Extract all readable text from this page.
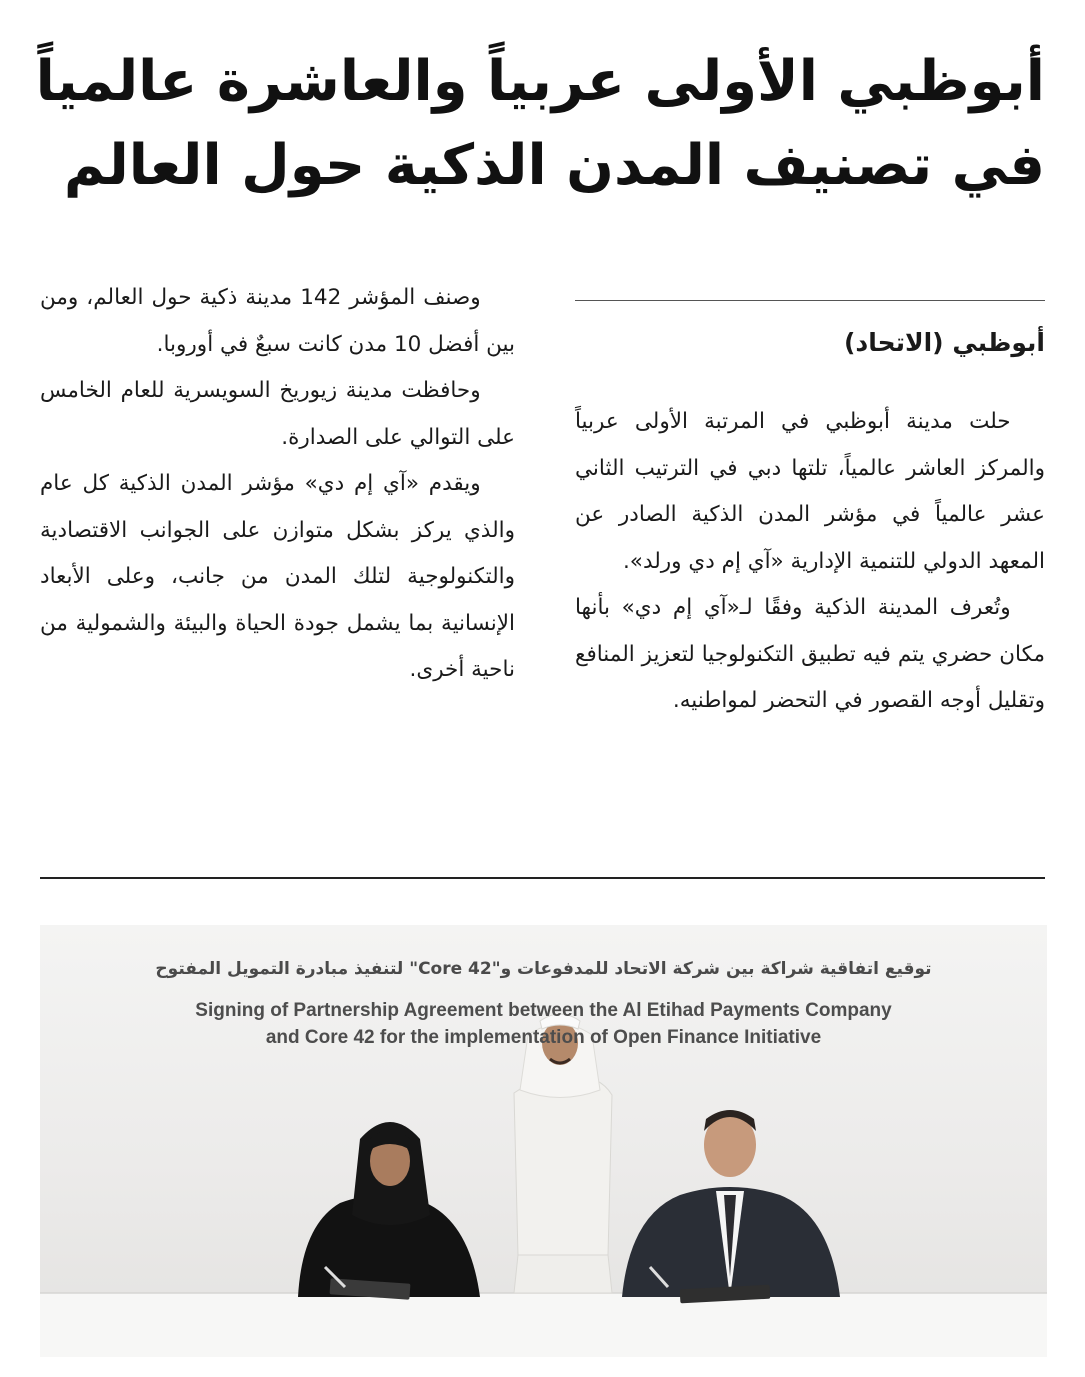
أبوظبي الأولى عربياً والعاشرة عالمياً
في تصنيف المدن الذكية حول العالم
أبوظبي (الاتحاد)

حلت مدينة أبوظبي في المرتبة الأولى عربياً والمركز العاشر عالمياً، تلتها دبي في الترتيب الثاني عشر عالمياً في مؤشر المدن الذكية الصادر عن المعهد الدولي للتنمية الإدارية «آي إم دي ورلد».

وتُعرف المدينة الذكية وفقًا لـ«آي إم دي» بأنها مكان حضري يتم فيه تطبيق التكنولوجيا لتعزيز المنافع وتقليل أوجه القصور في التحضر لمواطنيه.

وصنف المؤشر 142 مدينة ذكية حول العالم، ومن بين أفضل 10 مدن كانت سبعٌ في أوروبا.

وحافظت مدينة زيوريخ السويسرية للعام الخامس على التوالي على الصدارة.

ويقدم «آي إم دي» مؤشر المدن الذكية كل عام والذي يركز بشكل متوازن على الجوانب الاقتصادية والتكنولوجية لتلك المدن من جانب، وعلى الأبعاد الإنسانية بما يشمل جودة الحياة والبيئة والشمولية من ناحية أخرى.

توقيع اتفاقية شراكة بين شركة الاتحاد للمدفوعات و"Core 42" لتنفيذ مبادرة التمويل المفتوح
Signing of Partnership Agreement between the Al Etihad Payments Company
and Core 42 for the implementation of Open Finance Initiative
